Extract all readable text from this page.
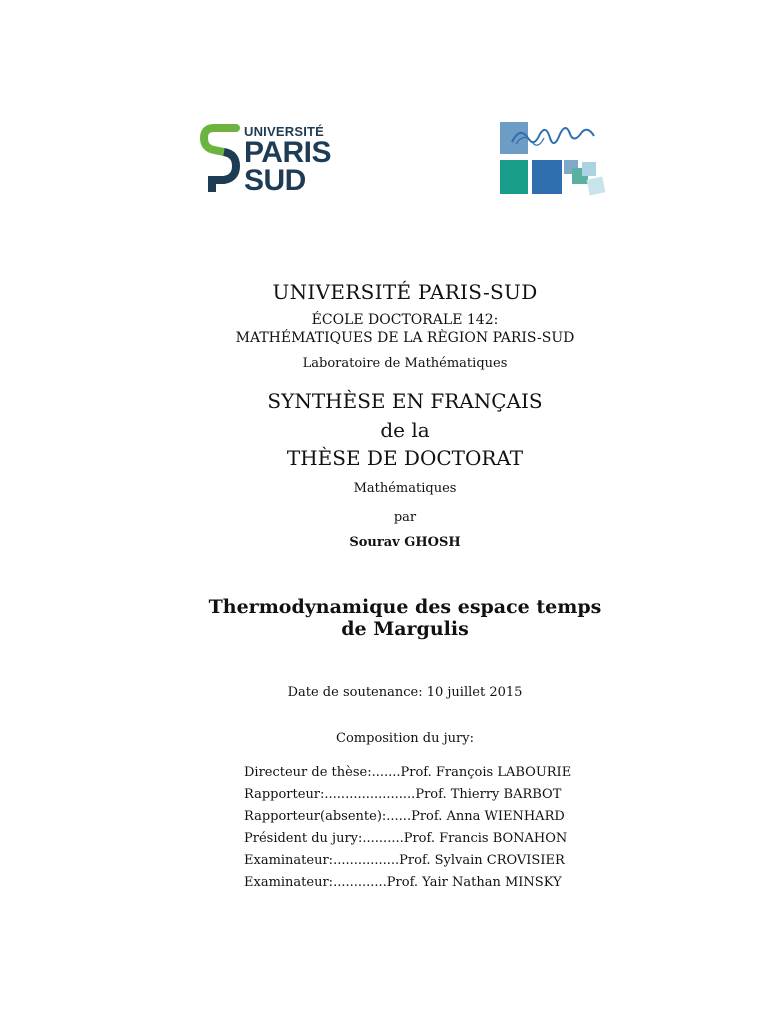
UNIVERSITÉ
PARIS
SUD
UNIVERSITÉ PARIS-SUD
ÉCOLE DOCTORALE 142:
MATHÉMATIQUES DE LA RÈGION PARIS-SUD
Laboratoire de Mathématiques
SYNTHÈSE EN FRANÇAIS
de la
THÈSE DE DOCTORAT
Mathématiques
par
Sourav GHOSH
Thermodynamique des espace temps
de Margulis
Date de soutenance: 10 juillet 2015
Composition du jury:
Directeur de thèse:.......Prof. François LABOURIE
Rapporteur:......................Prof. Thierry BARBOT
Rapporteur(absente):......Prof. Anna WIENHARD
Président du jury:..........Prof. Francis BONAHON
Examinateur:................Prof. Sylvain CROVISIER
Examinateur:.............Prof. Yair Nathan MINSKY
